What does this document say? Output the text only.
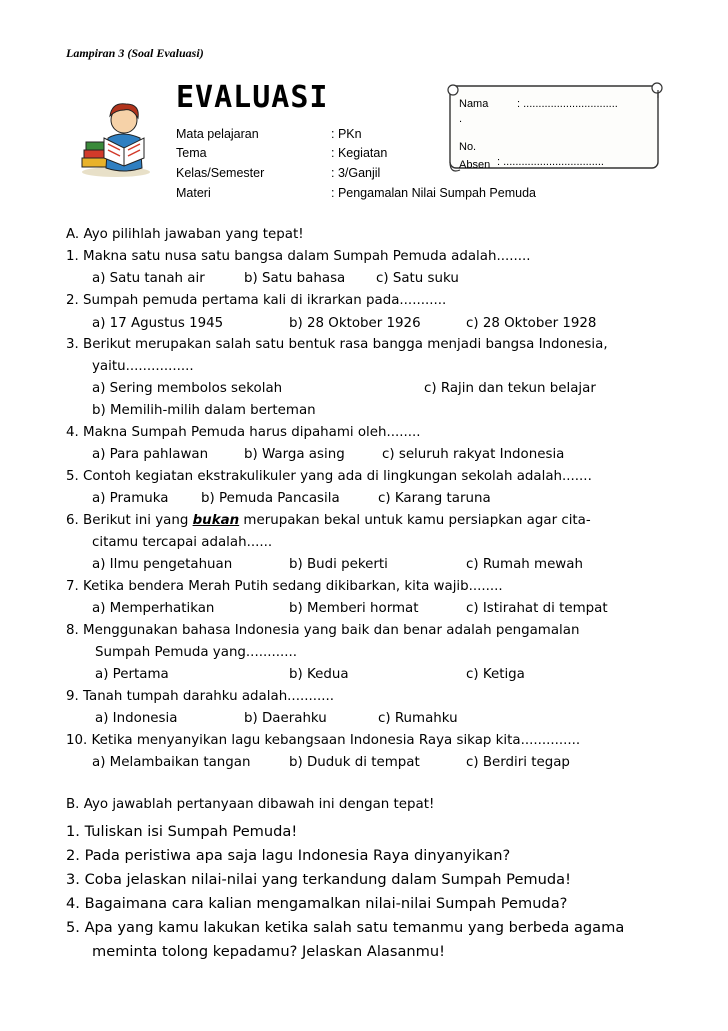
Lampiran 3 (Soal Evaluasi)
EVALUASI
Mata pelajaran	: PKn
Tema	: Kegiatan
Kelas/Semester	: 3/Ganjil
Materi	: Pengamalan Nilai Sumpah Pemuda
Nama	: ...............................
.
No. Absen : .................................
A. Ayo pilihlah jawaban yang tepat!
1. Makna satu nusa satu bangsa dalam Sumpah Pemuda adalah........
a) Satu tanah air	b) Satu bahasa c) Satu suku
2. Sumpah pemuda pertama kali di ikrarkan pada...........
a) 17 Agustus 1945	b) 28 Oktober 1926	c) 28 Oktober 1928
3. Berikut merupakan salah satu bentuk rasa bangga menjadi bangsa Indonesia,
yaitu................
a) Sering membolos sekolah	c) Rajin dan tekun belajar
b) Memilih-milih dalam berteman
4. Makna Sumpah Pemuda harus dipahami oleh........
a) Para pahlawan	b) Warga asing	c) seluruh rakyat Indonesia
5. Contoh kegiatan ekstrakulikuler yang ada di lingkungan sekolah adalah.......
a) Pramuka b) Pemuda Pancasila	c) Karang taruna
6. Berikut ini yang bukan merupakan bekal untuk kamu persiapkan agar cita-
citamu tercapai adalah......
a) Ilmu pengetahuan	b) Budi pekerti	c) Rumah mewah
7. Ketika bendera Merah Putih sedang dikibarkan, kita wajib........
a) Memperhatikan	b) Memberi hormat	c) Istirahat di tempat
8. Menggunakan bahasa Indonesia yang baik dan benar adalah pengamalan
Sumpah Pemuda yang............
a) Pertama	b) Kedua	c) Ketiga
9. Tanah tumpah darahku adalah...........
a) Indonesia	b) Daerahku	c) Rumahku
10. Ketika menyanyikan lagu kebangsaan Indonesia Raya sikap kita..............
a) Melambaikan tangan	b) Duduk di tempat	c) Berdiri tegap
B. Ayo jawablah pertanyaan dibawah ini dengan tepat!
1. Tuliskan isi Sumpah Pemuda!
2. Pada peristiwa apa saja lagu Indonesia Raya dinyanyikan?
3. Coba jelaskan nilai-nilai yang terkandung dalam Sumpah Pemuda!
4. Bagaimana cara kalian mengamalkan nilai-nilai Sumpah Pemuda?
5. Apa yang kamu lakukan ketika salah satu temanmu yang berbeda agama
meminta tolong kepadamu? Jelaskan Alasanmu!
